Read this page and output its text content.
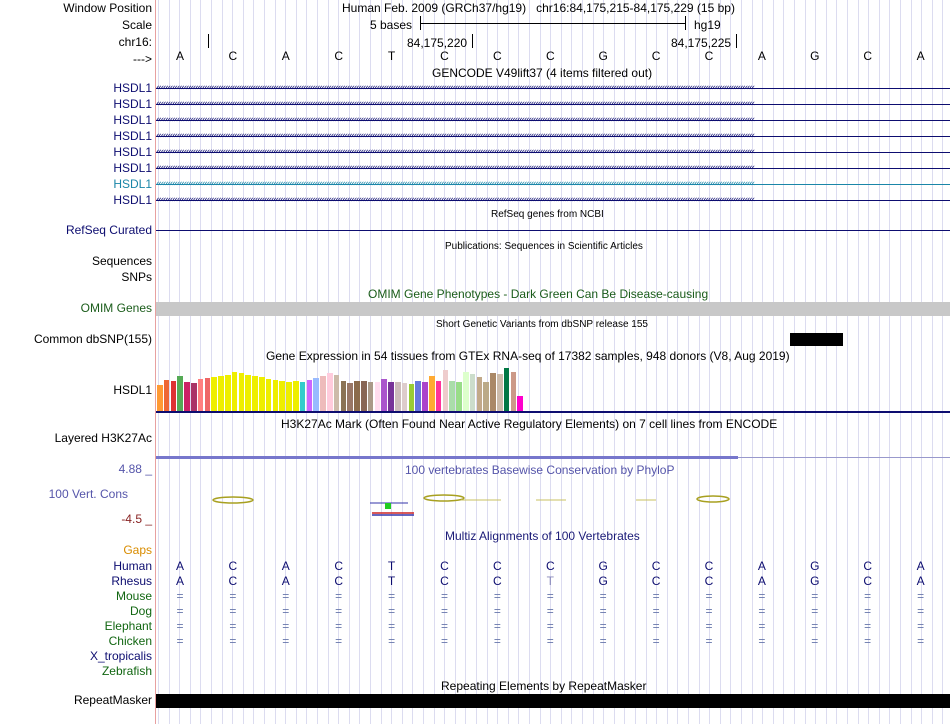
Window Position	Human Feb. 2009 (GRCh37/hg19) chr16:84,175,215-84,175,229 (15 bp)
Scale	5 bases	hg19
chr16:	84,175,220	84,175,225
--->	A	C	A	C	T	C	C	C	G	C	C	A	G	C	A
GENCODE V49lift37 (4 items filtered out)
HSDL1 ‹‹‹‹‹‹‹‹‹‹‹‹‹‹‹‹‹‹‹‹‹‹‹‹‹‹‹‹‹‹‹‹‹‹‹‹‹‹‹‹‹‹‹‹‹‹‹‹‹‹‹‹‹‹‹‹‹‹‹‹‹‹‹‹‹‹‹‹‹‹‹‹‹‹‹‹‹‹‹‹‹‹‹‹‹‹‹‹‹‹‹‹‹‹‹‹‹‹‹‹‹‹‹‹‹‹‹‹‹‹‹‹‹‹‹‹‹‹‹‹‹‹‹‹‹‹‹‹‹‹‹‹‹‹‹‹‹‹‹‹‹‹‹‹‹‹‹‹‹‹‹‹‹‹‹‹‹‹‹‹‹‹‹‹‹‹‹‹‹‹‹‹‹‹‹‹‹‹‹‹‹‹‹‹‹‹‹‹‹‹‹‹‹‹‹‹‹‹‹‹‹‹‹‹‹‹‹‹‹‹‹‹‹‹‹‹‹‹‹‹‹‹‹‹‹‹‹‹‹‹‹‹‹‹‹‹‹‹‹‹‹‹‹‹‹‹‹‹‹‹‹‹‹‹‹‹‹‹‹‹
HSDL1 ‹‹‹‹‹‹‹‹‹‹‹‹‹‹‹‹‹‹‹‹‹‹‹‹‹‹‹‹‹‹‹‹‹‹‹‹‹‹‹‹‹‹‹‹‹‹‹‹‹‹‹‹‹‹‹‹‹‹‹‹‹‹‹‹‹‹‹‹‹‹‹‹‹‹‹‹‹‹‹‹‹‹‹‹‹‹‹‹‹‹‹‹‹‹‹‹‹‹‹‹‹‹‹‹‹‹‹‹‹‹‹‹‹‹‹‹‹‹‹‹‹‹‹‹‹‹‹‹‹‹‹‹‹‹‹‹‹‹‹‹‹‹‹‹‹‹‹‹‹‹‹‹‹‹‹‹‹‹‹‹‹‹‹‹‹‹‹‹‹‹‹‹‹‹‹‹‹‹‹‹‹‹‹‹‹‹‹‹‹‹‹‹‹‹‹‹‹‹‹‹‹‹‹‹‹‹‹‹‹‹‹‹‹‹‹‹‹‹‹‹‹‹‹‹‹‹‹‹‹‹‹‹‹‹‹‹‹‹‹‹‹‹‹‹‹‹‹‹‹‹‹‹‹‹‹‹‹‹‹‹
HSDL1 ‹‹‹‹‹‹‹‹‹‹‹‹‹‹‹‹‹‹‹‹‹‹‹‹‹‹‹‹‹‹‹‹‹‹‹‹‹‹‹‹‹‹‹‹‹‹‹‹‹‹‹‹‹‹‹‹‹‹‹‹‹‹‹‹‹‹‹‹‹‹‹‹‹‹‹‹‹‹‹‹‹‹‹‹‹‹‹‹‹‹‹‹‹‹‹‹‹‹‹‹‹‹‹‹‹‹‹‹‹‹‹‹‹‹‹‹‹‹‹‹‹‹‹‹‹‹‹‹‹‹‹‹‹‹‹‹‹‹‹‹‹‹‹‹‹‹‹‹‹‹‹‹‹‹‹‹‹‹‹‹‹‹‹‹‹‹‹‹‹‹‹‹‹‹‹‹‹‹‹‹‹‹‹‹‹‹‹‹‹‹‹‹‹‹‹‹‹‹‹‹‹‹‹‹‹‹‹‹‹‹‹‹‹‹‹‹‹‹‹‹‹‹‹‹‹‹‹‹‹‹‹‹‹‹‹‹‹‹‹‹‹‹‹‹‹‹‹‹‹‹‹‹‹‹‹‹‹‹‹‹
HSDL1 ‹‹‹‹‹‹‹‹‹‹‹‹‹‹‹‹‹‹‹‹‹‹‹‹‹‹‹‹‹‹‹‹‹‹‹‹‹‹‹‹‹‹‹‹‹‹‹‹‹‹‹‹‹‹‹‹‹‹‹‹‹‹‹‹‹‹‹‹‹‹‹‹‹‹‹‹‹‹‹‹‹‹‹‹‹‹‹‹‹‹‹‹‹‹‹‹‹‹‹‹‹‹‹‹‹‹‹‹‹‹‹‹‹‹‹‹‹‹‹‹‹‹‹‹‹‹‹‹‹‹‹‹‹‹‹‹‹‹‹‹‹‹‹‹‹‹‹‹‹‹‹‹‹‹‹‹‹‹‹‹‹‹‹‹‹‹‹‹‹‹‹‹‹‹‹‹‹‹‹‹‹‹‹‹‹‹‹‹‹‹‹‹‹‹‹‹‹‹‹‹‹‹‹‹‹‹‹‹‹‹‹‹‹‹‹‹‹‹‹‹‹‹‹‹‹‹‹‹‹‹‹‹‹‹‹‹‹‹‹‹‹‹‹‹‹‹‹‹‹‹‹‹‹‹‹‹‹‹‹‹
HSDL1 ‹‹‹‹‹‹‹‹‹‹‹‹‹‹‹‹‹‹‹‹‹‹‹‹‹‹‹‹‹‹‹‹‹‹‹‹‹‹‹‹‹‹‹‹‹‹‹‹‹‹‹‹‹‹‹‹‹‹‹‹‹‹‹‹‹‹‹‹‹‹‹‹‹‹‹‹‹‹‹‹‹‹‹‹‹‹‹‹‹‹‹‹‹‹‹‹‹‹‹‹‹‹‹‹‹‹‹‹‹‹‹‹‹‹‹‹‹‹‹‹‹‹‹‹‹‹‹‹‹‹‹‹‹‹‹‹‹‹‹‹‹‹‹‹‹‹‹‹‹‹‹‹‹‹‹‹‹‹‹‹‹‹‹‹‹‹‹‹‹‹‹‹‹‹‹‹‹‹‹‹‹‹‹‹‹‹‹‹‹‹‹‹‹‹‹‹‹‹‹‹‹‹‹‹‹‹‹‹‹‹‹‹‹‹‹‹‹‹‹‹‹‹‹‹‹‹‹‹‹‹‹‹‹‹‹‹‹‹‹‹‹‹‹‹‹‹‹‹‹‹‹‹‹‹‹‹‹‹‹‹
HSDL1 ‹‹‹‹‹‹‹‹‹‹‹‹‹‹‹‹‹‹‹‹‹‹‹‹‹‹‹‹‹‹‹‹‹‹‹‹‹‹‹‹‹‹‹‹‹‹‹‹‹‹‹‹‹‹‹‹‹‹‹‹‹‹‹‹‹‹‹‹‹‹‹‹‹‹‹‹‹‹‹‹‹‹‹‹‹‹‹‹‹‹‹‹‹‹‹‹‹‹‹‹‹‹‹‹‹‹‹‹‹‹‹‹‹‹‹‹‹‹‹‹‹‹‹‹‹‹‹‹‹‹‹‹‹‹‹‹‹‹‹‹‹‹‹‹‹‹‹‹‹‹‹‹‹‹‹‹‹‹‹‹‹‹‹‹‹‹‹‹‹‹‹‹‹‹‹‹‹‹‹‹‹‹‹‹‹‹‹‹‹‹‹‹‹‹‹‹‹‹‹‹‹‹‹‹‹‹‹‹‹‹‹‹‹‹‹‹‹‹‹‹‹‹‹‹‹‹‹‹‹‹‹‹‹‹‹‹‹‹‹‹‹‹‹‹‹‹‹‹‹‹‹‹‹‹‹‹‹‹‹‹
HSDL1 ‹‹‹‹‹‹‹‹‹‹‹‹‹‹‹‹‹‹‹‹‹‹‹‹‹‹‹‹‹‹‹‹‹‹‹‹‹‹‹‹‹‹‹‹‹‹‹‹‹‹‹‹‹‹‹‹‹‹‹‹‹‹‹‹‹‹‹‹‹‹‹‹‹‹‹‹‹‹‹‹‹‹‹‹‹‹‹‹‹‹‹‹‹‹‹‹‹‹‹‹‹‹‹‹‹‹‹‹‹‹‹‹‹‹‹‹‹‹‹‹‹‹‹‹‹‹‹‹‹‹‹‹‹‹‹‹‹‹‹‹‹‹‹‹‹‹‹‹‹‹‹‹‹‹‹‹‹‹‹‹‹‹‹‹‹‹‹‹‹‹‹‹‹‹‹‹‹‹‹‹‹‹‹‹‹‹‹‹‹‹‹‹‹‹‹‹‹‹‹‹‹‹‹‹‹‹‹‹‹‹‹‹‹‹‹‹‹‹‹‹‹‹‹‹‹‹‹‹‹‹‹‹‹‹‹‹‹‹‹‹‹‹‹‹‹‹‹‹‹‹‹‹‹‹‹‹‹‹‹‹
HSDL1 ‹‹‹‹‹‹‹‹‹‹‹‹‹‹‹‹‹‹‹‹‹‹‹‹‹‹‹‹‹‹‹‹‹‹‹‹‹‹‹‹‹‹‹‹‹‹‹‹‹‹‹‹‹‹‹‹‹‹‹‹‹‹‹‹‹‹‹‹‹‹‹‹‹‹‹‹‹‹‹‹‹‹‹‹‹‹‹‹‹‹‹‹‹‹‹‹‹‹‹‹‹‹‹‹‹‹‹‹‹‹‹‹‹‹‹‹‹‹‹‹‹‹‹‹‹‹‹‹‹‹‹‹‹‹‹‹‹‹‹‹‹‹‹‹‹‹‹‹‹‹‹‹‹‹‹‹‹‹‹‹‹‹‹‹‹‹‹‹‹‹‹‹‹‹‹‹‹‹‹‹‹‹‹‹‹‹‹‹‹‹‹‹‹‹‹‹‹‹‹‹‹‹‹‹‹‹‹‹‹‹‹‹‹‹‹‹‹‹‹‹‹‹‹‹‹‹‹‹‹‹‹‹‹‹‹‹‹‹‹‹‹‹‹‹‹‹‹‹‹‹‹‹‹‹‹‹‹‹‹‹
RefSeq genes from NCBI
RefSeq Curated
Publications: Sequences in Scientific Articles
Sequences
SNPs
OMIM Gene Phenotypes - Dark Green Can Be Disease-causing
OMIM Genes
Short Genetic Variants from dbSNP release 155
Common dbSNP(155)
Gene Expression in 54 tissues from GTEx RNA-seq of 17382 samples, 948 donors (V8, Aug 2019)
HSDL1
H3K27Ac Mark (Often Found Near Active Regulatory Elements) on 7 cell lines from ENCODE
Layered H3K27Ac
4.88 _	100 vertebrates Basewise Conservation by PhyloP
100 Vert. Cons
-4.5 _
Multiz Alignments of 100 Vertebrates
Gaps
Human	A	C	A	C	T	C	C	C	G	C	C	A	G	C	A
Rhesus	A	C	A	C	T	C	C	T	G	C	C	A	G	C	A
Mouse	=	=	=	=	=	=	=	=	=	=	=	=	=	=	=
Dog	=	=	=	=	=	=	=	=	=	=	=	=	=	=	=
Elephant	=	=	=	=	=	=	=	=	=	=	=	=	=	=	=
Chicken	=	=	=	=	=	=	=	=	=	=	=	=	=	=	=
X_tropicalis
Zebrafish
Repeating Elements by RepeatMasker
RepeatMasker
